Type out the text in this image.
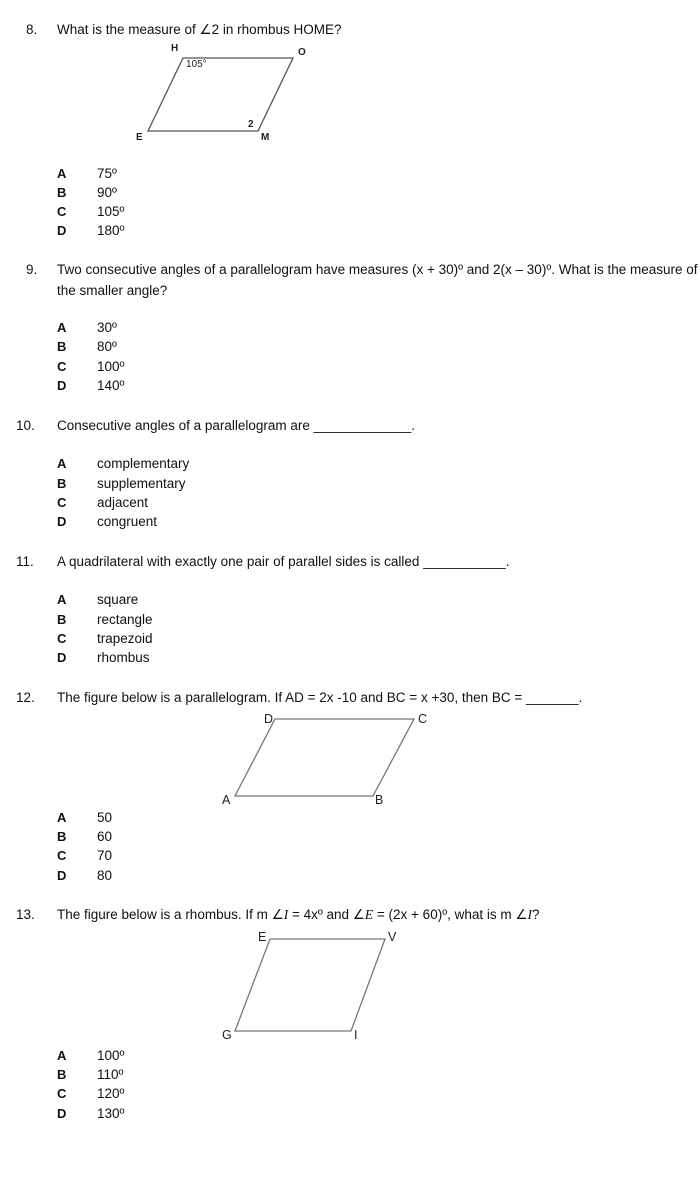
8. What is the measure of ∠2 in rhombus HOME?
H	O
E	M
105°
2
A 75º
B 90º
C 105º
D 180º
9. Two consecutive angles of a parallelogram have measures (x + 30)º and 2(x – 30)º. What is the measure of
the smaller angle?
A 30º
B 80º
C 100º
D 140º
10. Consecutive angles of a parallelogram are _____________.
A complementary
B supplementary
C adjacent
D congruent
11. A quadrilateral with exactly one pair of parallel sides is called ___________.
A square
B rectangle
C trapezoid
D rhombus
12. The figure below is a parallelogram. If AD = 2x -10 and BC = x +30, then BC = _______.
D	C
A	B
A 50
B 60
C 70
D 80
13. The figure below is a rhombus. If m ∠I = 4xº and ∠E = (2x + 60)º, what is m ∠I?
E	V
G	I
A 100º
B 110º
C 120º
D 130º
